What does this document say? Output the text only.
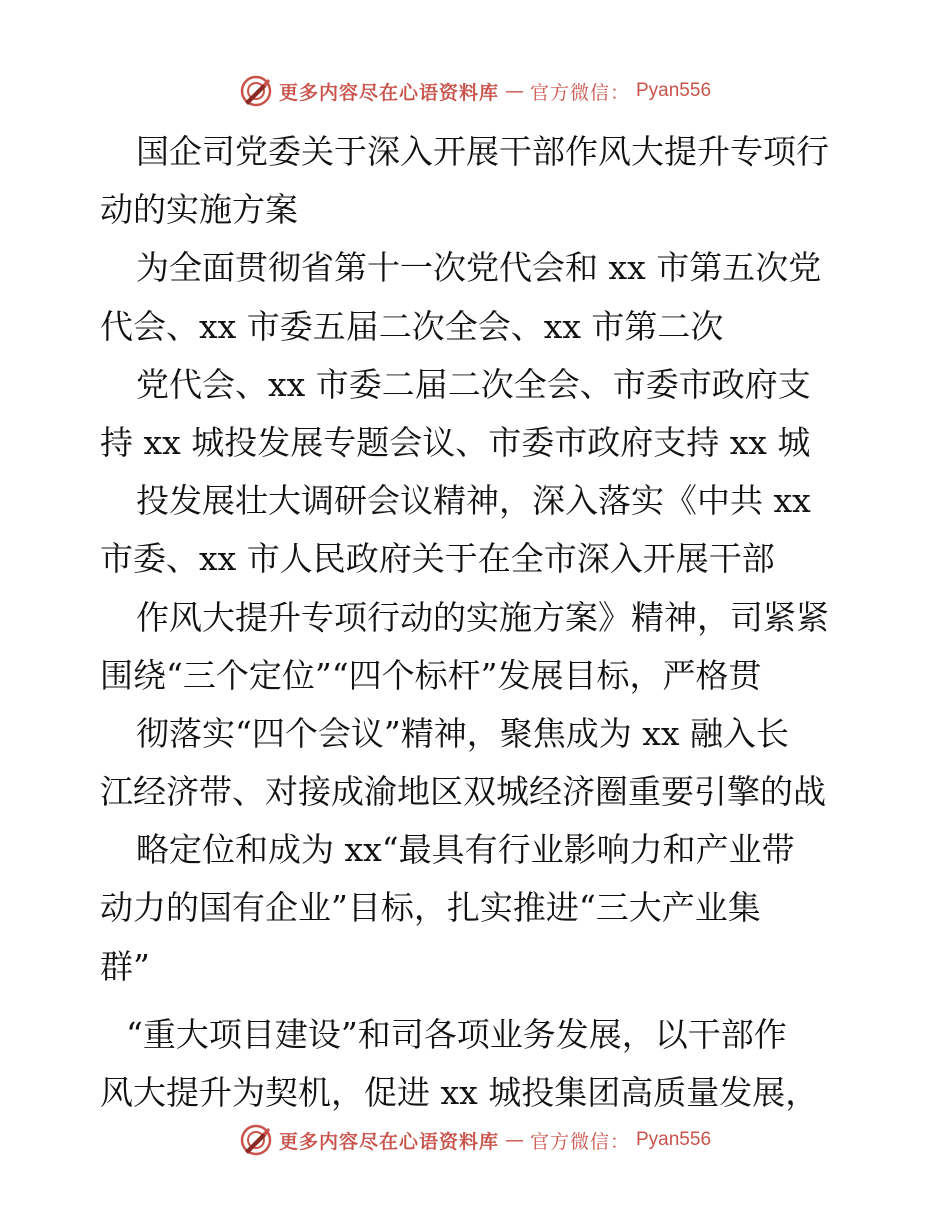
更多内容尽在心语资料库 — 官方微信： Pyan556
国企司党委关于深入开展干部作风大提升专项行
动的实施方案
为全面贯彻省第十一次党代会和 xx 市第五次党
代会、xx 市委五届二次全会、xx 市第二次
党代会、xx 市委二届二次全会、市委市政府支
持 xx 城投发展专题会议、市委市政府支持 xx 城
投发展壮大调研会议精神，深入落实《中共 xx
市委、xx 市人民政府关于在全市深入开展干部
作风大提升专项行动的实施方案》精神，司紧紧
围绕“三个定位”“四个标杆”发展目标，严格贯
彻落实“四个会议”精神，聚焦成为 xx 融入长
江经济带、对接成渝地区双城经济圈重要引擎的战
略定位和成为 xx“最具有行业影响力和产业带
动力的国有企业”目标，扎实推进“三大产业集
群”
“重大项目建设”和司各项业务发展，以干部作
风大提升为契机，促进 xx 城投集团高质量发展，
更多内容尽在心语资料库 — 官方微信： Pyan556
